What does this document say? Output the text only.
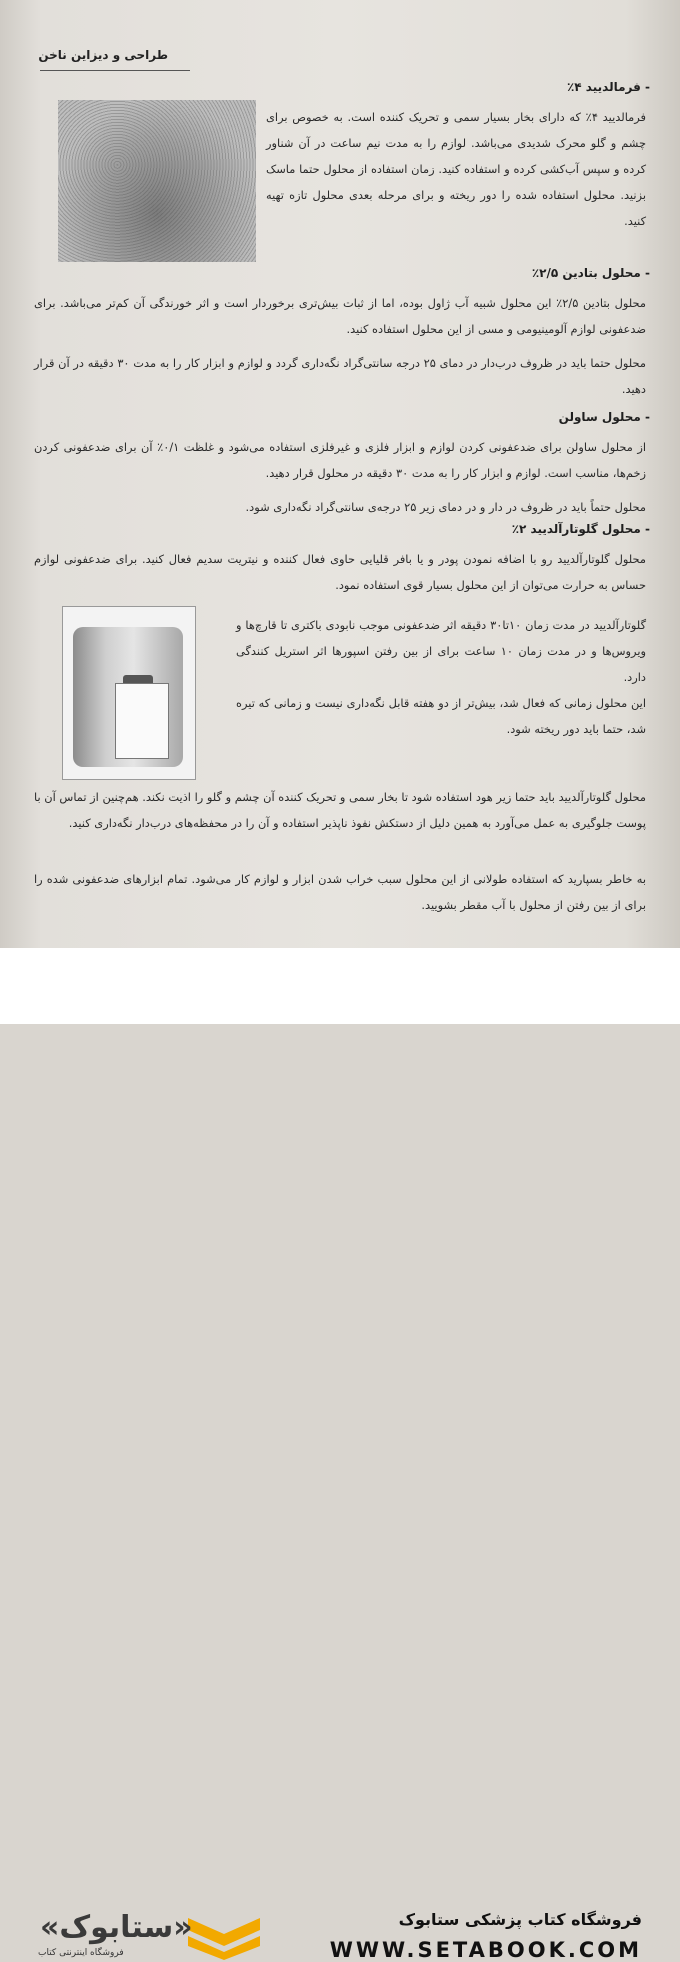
طراحی و دیزاین ناخن
- فرمالدیید ۴٪
فرمالدیید ۴٪ که دارای بخار بسیار سمی و تحریک کننده است. به خصوص برای چشم و گلو محرک شدیدی می‌باشد. لوازم را به مدت نیم ساعت در آن شناور کرده و سپس آب‌کشی کرده و استفاده کنید. زمان استفاده از محلول حتما ماسک بزنید. محلول استفاده شده را دور ریخته و برای مرحله بعدی محلول تازه تهیه کنید.
- محلول بتادین ۲/۵٪
محلول بتادین ۲/۵٪ این محلول شبیه آب ژاول بوده، اما از ثبات بیش‌تری برخوردار است و اثر خورندگی آن کم‌تر می‌باشد. برای ضدعفونی لوازم آلومینیومی و مسی از این محلول استفاده کنید.
محلول حتما باید در ظروف درب‌دار در دمای ۲۵ درجه سانتی‌گراد نگه‌داری گردد و لوازم و ابزار کار را به مدت ۳۰ دقیقه در آن قرار دهید.
- محلول ساولن
از محلول ساولن برای ضدعفونی کردن لوازم و ابزار فلزی و غیرفلزی استفاده می‌شود و غلظت ۰/۱٪ آن برای ضدعفونی کردن زخم‌ها، مناسب است. لوازم و ابزار کار را به مدت ۳۰ دقیقه در محلول قرار دهید.
محلول حتماً باید در ظروف در دار و در دمای زیر ۲۵ درجه‌ی سانتی‌گراد نگه‌داری شود.
- محلول گلوتارآلدیید ۲٪
محلول گلوتارآلدیید رو با اضافه نمودن پودر و یا بافر قلیایی حاوی فعال کننده و نیتریت سدیم فعال کنید. برای ضدعفونی لوازم حساس به حرارت می‌توان از این محلول بسیار قوی استفاده نمود.
گلوتارآلدیید در مدت زمان ۱۰تا۳۰ دقیقه اثر ضدعفونی موجب نابودی باکتری تا قارچ‌ها و ویروس‌ها و در مدت زمان ۱۰ ساعت برای از بین رفتن اسپورها اثر استریل کنندگی دارد.
این محلول زمانی که فعال شد، بیش‌تر از دو هفته قابل نگه‌داری نیست و زمانی که تیره شد، حتما باید دور ریخته شود.
محلول گلوتارآلدیید باید حتما زیر هود استفاده شود تا بخار سمی و تحریک کننده آن چشم و گلو را اذیت نکند. هم‌چنین از تماس آن با پوست جلوگیری به عمل می‌آورد به همین دلیل از دستکش نفوذ ناپذیر استفاده و آن را در محفظه‌های درب‌دار نگه‌داری کنید.
به خاطر بسپارید که استفاده طولانی از این محلول سبب خراب شدن ابزار و لوازم کار می‌شود. تمام ابزارهای ضدعفونی شده را برای از بین رفتن از محلول با آب مقطر بشویید.
«ستابوک»
فروشگاه اینترنتی کتاب
فروشگاه کتاب پزشکی ستابوک
WWW.SETABOOK.COM
